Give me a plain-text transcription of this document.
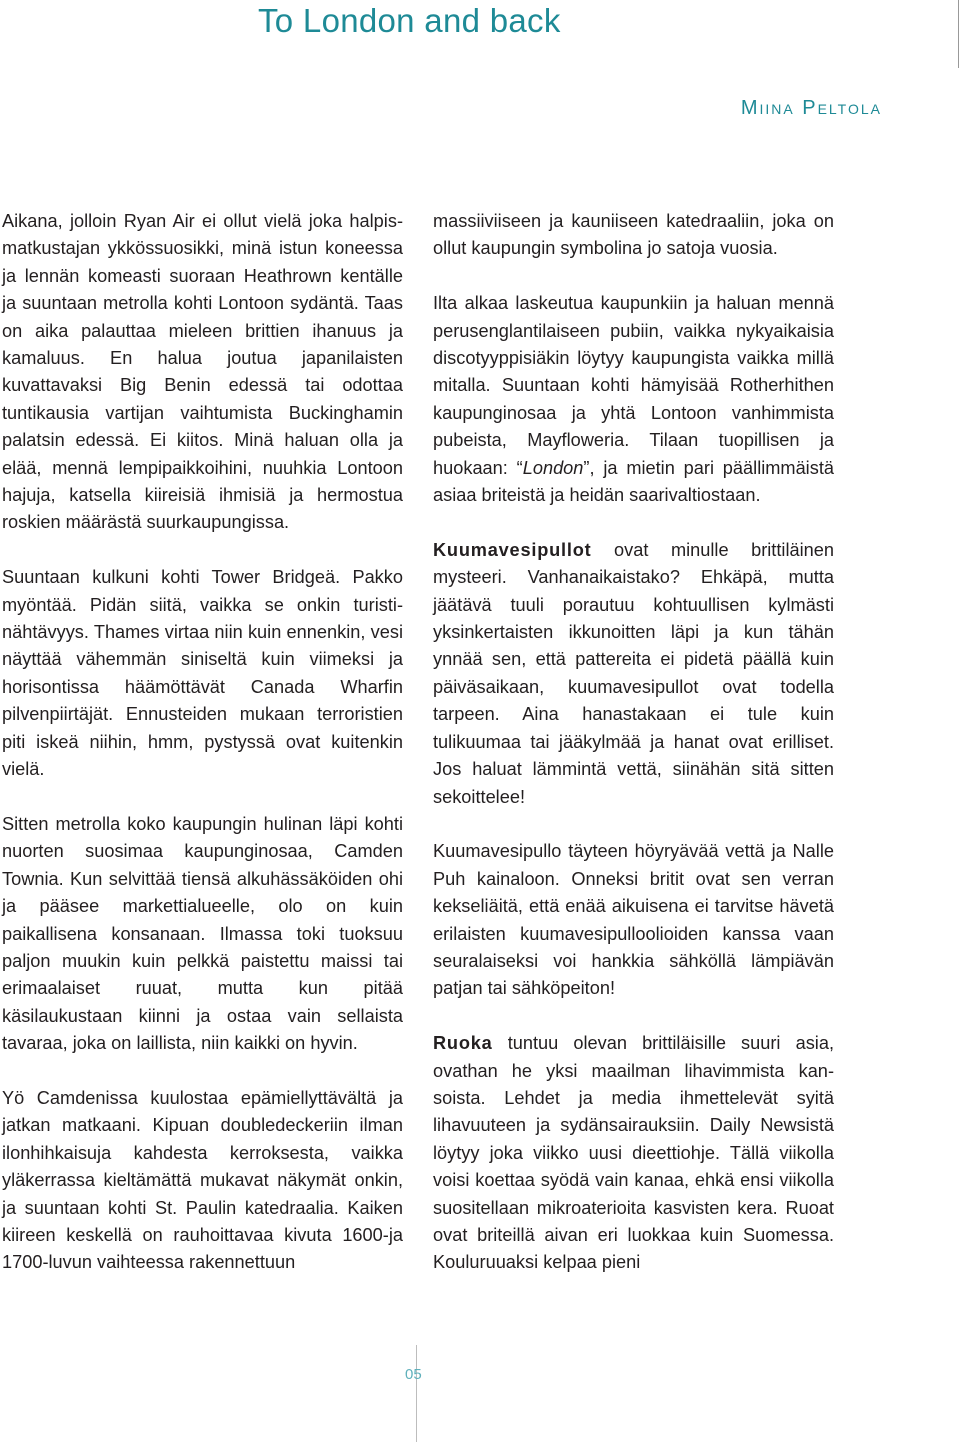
To London and back
Miina Peltola

Aikana, jolloin Ryan Air ei ollut vielä joka halpismatkustajan ykkössuosikki, minä istun koneessa ja lennän komeasti suoraan Heathrown kentälle ja suuntaan metrolla kohti Lontoon sydäntä. Taas on aika palauttaa mieleen brittien ihanuus ja kamaluus. En halua joutua japanilaisten kuvattavaksi Big Benin edessä tai odottaa tuntikausia vartijan vaihtumista Buckinghamin palatsin edessä. Ei kiitos. Minä haluan olla ja elää, mennä lempipaikkoihini, nuuhkia Lontoon hajuja, katsella kiireisiä ihmisiä ja hermostua roskien määrästä suurkaupungissa.

Suuntaan kulkuni kohti Tower Bridgeä. Pakko myöntää. Pidän siitä, vaikka se onkin turistinähtävyys. Thames virtaa niin kuin ennenkin, vesi näyttää vähemmän siniseltä kuin viimeksi ja horisontissa häämöttävät Canada Wharfin pilvenpiirtäjät. Ennusteiden mukaan terroristien piti iskeä niihin, hmm, pystyssä ovat kuitenkin vielä.

Sitten metrolla koko kaupungin hulinan läpi kohti nuorten suosimaa kaupunginosaa, Camden Townia. Kun selvittää tiensä alkuhässäköiden ohi ja pääsee markettialueelle, olo on kuin paikallisena konsanaan. Ilmassa toki tuoksuu paljon muukin kuin pelkkä paistettu maissi tai erimaalaiset ruuat, mutta kun pitää käsilaukustaan kiinni ja ostaa vain sellaista tavaraa, joka on laillista, niin kaikki on hyvin.

Yö Camdenissa kuulostaa epämiellyttävältä ja jatkan matkaani. Kipuan doubledeckeriin ilman ilonhihkaisuja kahdesta kerroksesta, vaikka yläkerrassa kieltämättä mukavat näkymät onkin, ja suuntaan kohti St. Paulin katedraalia. Kaiken kiireen keskellä on rauhoittavaa kivuta 1600-ja 1700-luvun vaihteessa rakennettuun

massiiviiseen ja kauniiseen katedraaliin, joka on ollut kaupungin symbolina jo satoja vuosia.

Ilta alkaa laskeutua kaupunkiin ja haluan mennä perusenglantilaiseen pubiin, vaikka nykyaikaisia discotyyppisiäkin löytyy kaupungista vaikka millä mitalla. Suuntaan kohti hämyisää Rotherhithen kaupunginosaa ja yhtä Lontoon vanhimmista pubeista, Mayfloweria. Tilaan tuopillisen ja huokaan: “London”, ja mietin pari päällimmäistä asiaa briteistä ja heidän saarivaltiostaan.

Kuumavesipullot ovat minulle brittiläinen mysteeri. Vanhanaikaistako? Ehkäpä, mutta jäätävä tuuli porautuu kohtuullisen kylmästi yksinkertaisten ikkunoitten läpi ja kun tähän ynnää sen, että pattereita ei pidetä päällä kuin päiväsaikaan, kuumavesipullot ovat todella tarpeen. Aina hanastakaan ei tule kuin tulikuumaa tai jääkylmää ja hanat ovat erilliset. Jos haluat lämmintä vettä, siinähän sitä sitten sekoittelee!

Kuumavesipullo täyteen höyryävää vettä ja Nalle Puh kainaloon. Onneksi britit ovat sen verran kekseliäitä, että enää aikuisena ei tarvitse hävetä erilaisten kuumavesipulloolioiden kanssa vaan seuralaiseksi voi hankkia sähköllä lämpiävän patjan tai sähköpeiton!

Ruoka tuntuu olevan brittiläisille suuri asia, ovathan he yksi maailman lihavimmista kansoista. Lehdet ja media ihmettelevät syitä lihavuuteen ja sydänsairauksiin. Daily Newsistä löytyy joka viikko uusi dieettiohje. Tällä viikolla voisi koettaa syödä vain kanaa, ehkä ensi viikolla suositellaan mikroaterioita kasvisten kera. Ruoat ovat briteillä aivan eri luokkaa kuin Suomessa. Kouluruuaksi kelpaa pieni

05
